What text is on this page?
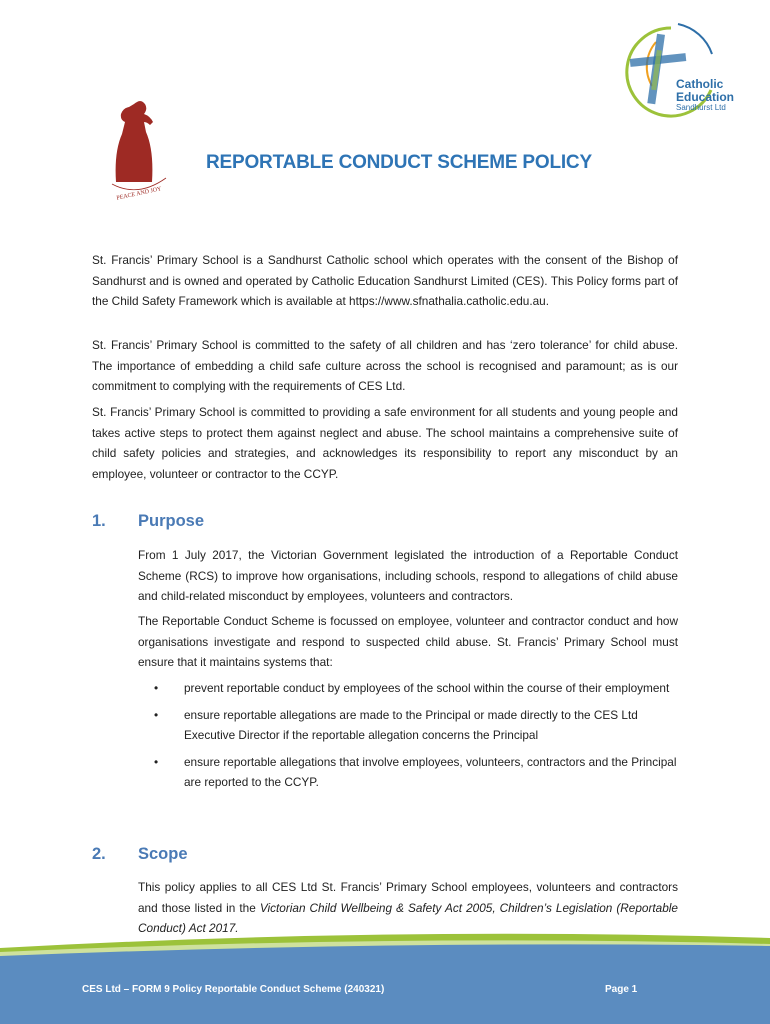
PEACE AND JOY
Catholic
Education
Sandhurst Ltd
REPORTABLE CONDUCT SCHEME POLICY

St. Francis’ Primary School is a Sandhurst Catholic school which operates with the consent of the Bishop of Sandhurst and is owned and operated by Catholic Education Sandhurst Limited (CES). This Policy forms part of the Child Safety Framework which is available at https://www.sfnathalia.catholic.edu.au.

St. Francis’ Primary School is committed to the safety of all children and has ‘zero tolerance’ for child abuse. The importance of embedding a child safe culture across the school is recognised and paramount; as is our commitment to complying with the requirements of CES Ltd.

St. Francis’ Primary School is committed to providing a safe environment for all students and young people and takes active steps to protect them against neglect and abuse. The school maintains a comprehensive suite of child safety policies and strategies, and acknowledges its responsibility to report any misconduct by an employee, volunteer or contractor to the CCYP.

1. Purpose

From 1 July 2017, the Victorian Government legislated the introduction of a Reportable Conduct Scheme (RCS) to improve how organisations, including schools, respond to allegations of child abuse and child-related misconduct by employees, volunteers and contractors.

The Reportable Conduct Scheme is focussed on employee, volunteer and contractor conduct and how organisations investigate and respond to suspected child abuse. St. Francis’ Primary School must ensure that it maintains systems that:

• prevent reportable conduct by employees of the school within the course of their employment
• ensure reportable allegations are made to the Principal or made directly to the CES Ltd Executive Director if the reportable allegation concerns the Principal
• ensure reportable allegations that involve employees, volunteers, contractors and the Principal are reported to the CCYP.
2. Scope

This policy applies to all CES Ltd St. Francis’ Primary School employees, volunteers and contractors and those listed in the Victorian Child Wellbeing & Safety Act 2005, Children’s Legislation (Reportable Conduct) Act 2017.

CES Ltd – FORM 9 Policy Reportable Conduct Scheme (240321)	Page 1
